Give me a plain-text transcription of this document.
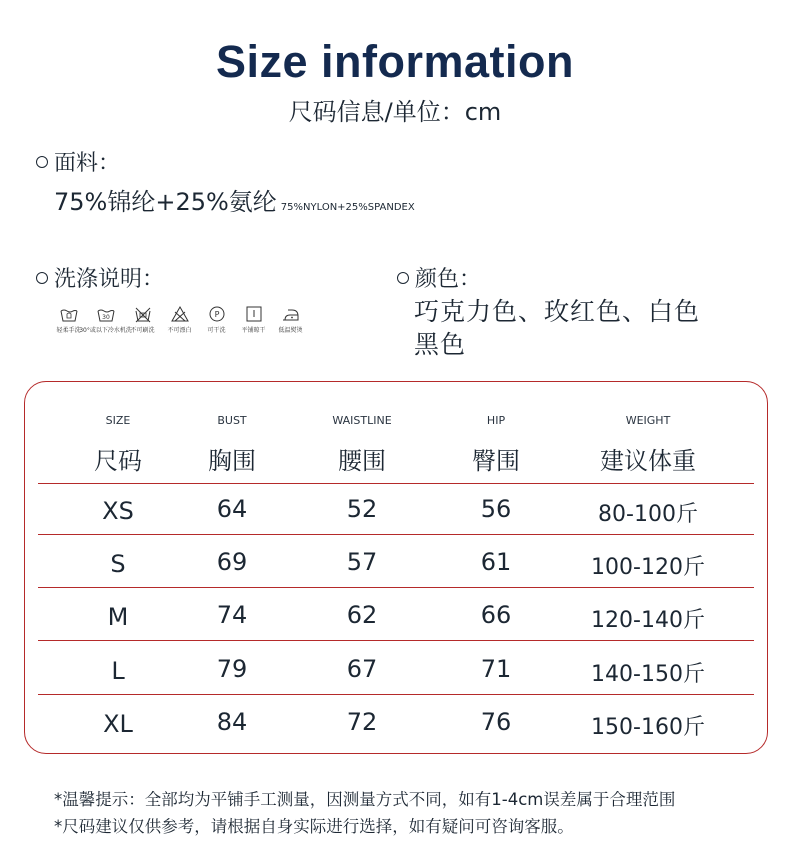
Size information
尺码信息/单位：cm
面料：
75%锦纶+25%氨纶 75%NYLON+25%SPANDEX
洗涤说明：
轻柔手洗
30
30°或以下冷水机洗
不可刷洗 不可漂白
P
可干洗	平铺晾干 低温熨烫
颜色：
巧克力色、玫红色、白色
黑色
SIZE	BUST	WAISTLINE	HIP	WEIGHT
尺码	胸围	腰围	臀围	建议体重
XS	64	52	56	80-100斤
S	69	57	61	100-120斤
M	74	62	66	120-140斤
L	79	67	71	140-150斤
XL	84	72	76	150-160斤
*温馨提示：全部均为平铺手工测量，因测量方式不同，如有1-4cm误差属于合理范围
*尺码建议仅供参考，请根据自身实际进行选择，如有疑问可咨询客服。
